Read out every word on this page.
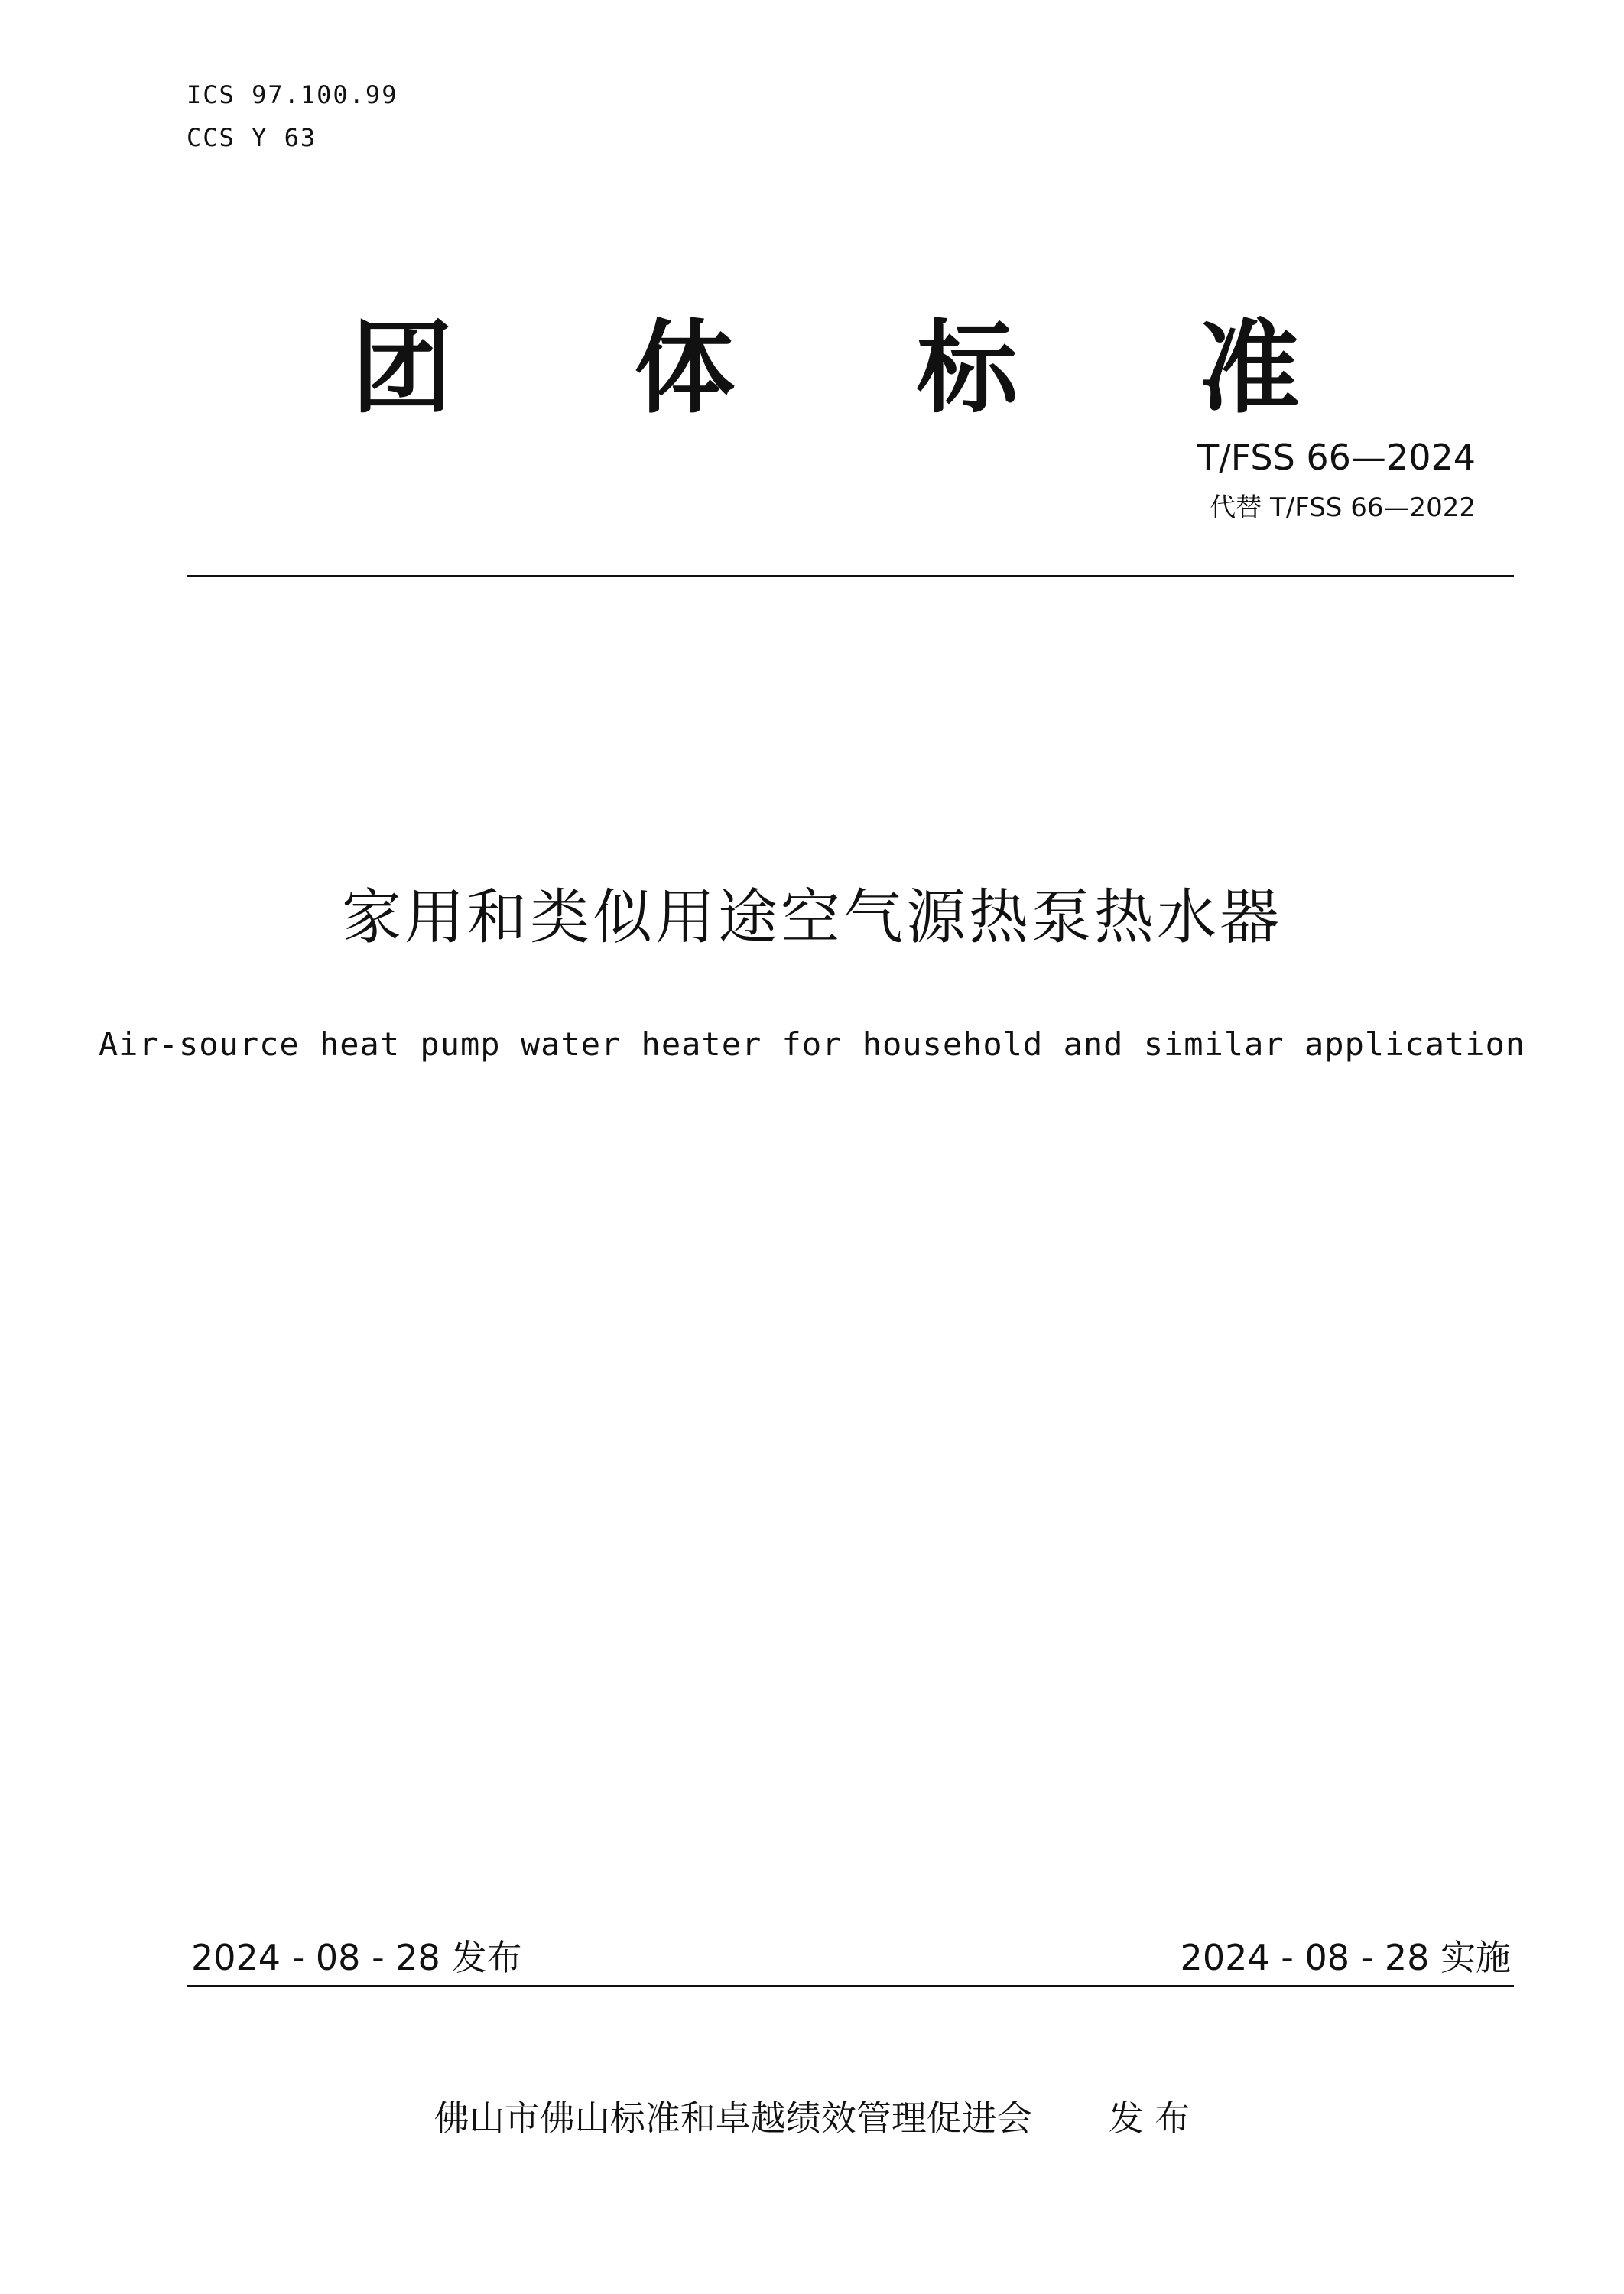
ICS 97.100.99
CCS Y 63
团 体 标 准
T/FSS 66—2024
代替 T/FSS 66—2022
家用和类似用途空气源热泵热水器
Air-source heat pump water heater for household and similar application
2024 - 08 - 28 发布	2024 - 08 - 28 实施
佛山市佛山标准和卓越绩效管理促进会 发 布
